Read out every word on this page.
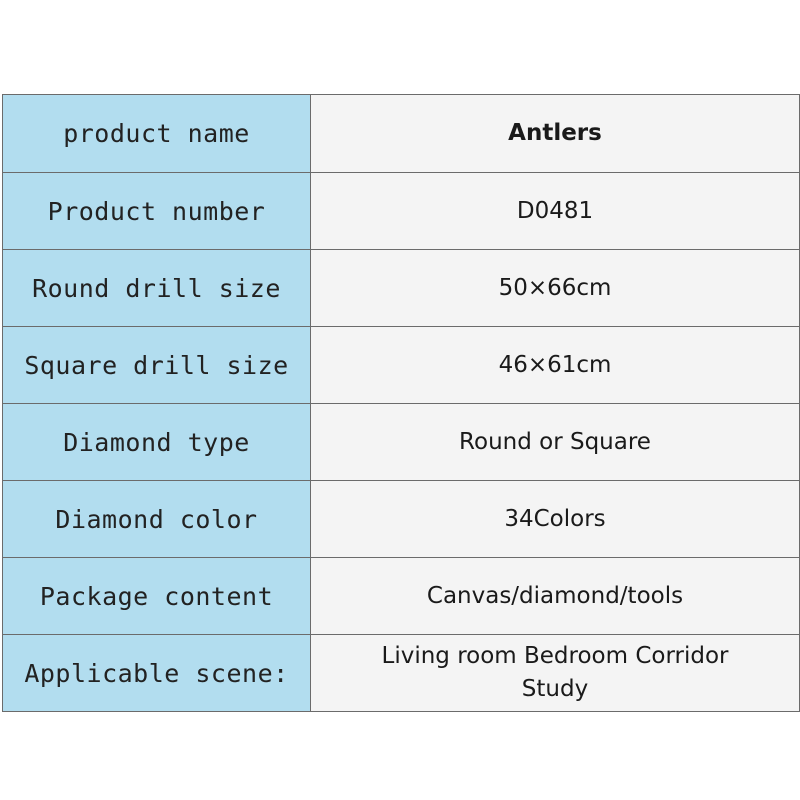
product name	Antlers
Product number	D0481
Round drill size	50×66cm
Square drill size	46×61cm
Diamond type	Round or Square
Diamond color	34Colors
Package content	Canvas/diamond/tools
Applicable scene:	Living room Bedroom Corridor Study
